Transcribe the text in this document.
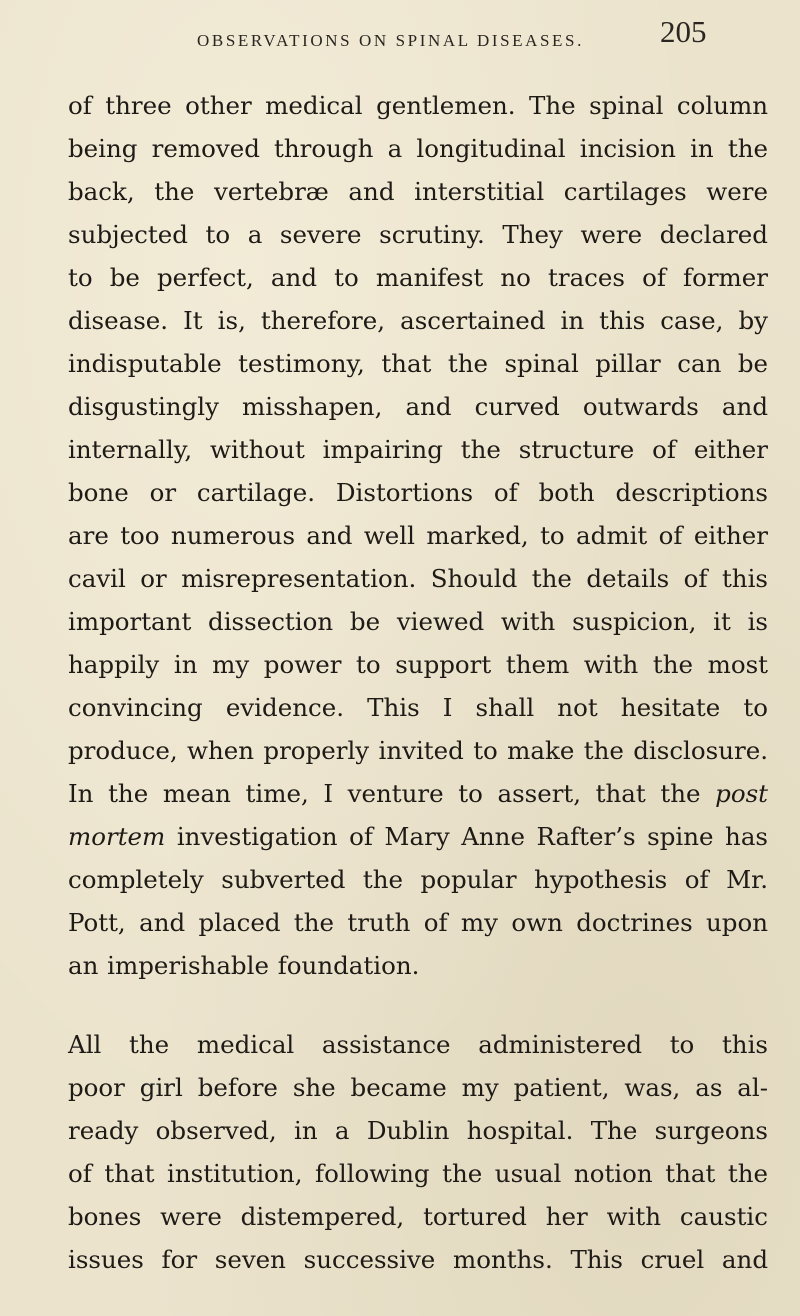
OBSERVATIONS ON SPINAL DISEASES. 205
of three other medical gentlemen. The spinal column
being removed through a longitudinal incision in the
back, the vertebræ and interstitial cartilages were
subjected to a severe scrutiny. They were declared
to be perfect, and to manifest no traces of former
disease. It is, therefore, ascertained in this case, by
indisputable testimony, that the spinal pillar can be
disgustingly misshapen, and curved outwards and
internally, without impairing the structure of either
bone or cartilage. Distortions of both descriptions
are too numerous and well marked, to admit of either
cavil or misrepresentation. Should the details of this
important dissection be viewed with suspicion, it is
happily in my power to support them with the most
convincing evidence. This I shall not hesitate to
produce, when properly invited to make the disclosure.
In the mean time, I venture to assert, that the post
mortem investigation of Mary Anne Rafter’s spine has
completely subverted the popular hypothesis of Mr.
Pott, and placed the truth of my own doctrines upon
an imperishable foundation.
All the medical assistance administered to this
poor girl before she became my patient, was, as al-
ready observed, in a Dublin hospital. The surgeons
of that institution, following the usual notion that the
bones were distempered, tortured her with caustic
issues for seven successive months. This cruel and
